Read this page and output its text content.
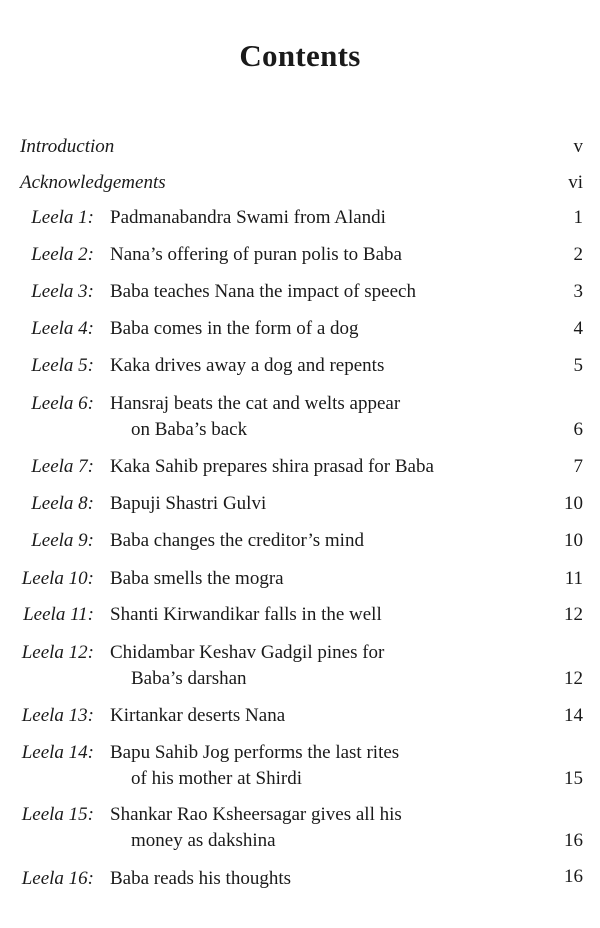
Contents
Introduction	v
Acknowledgements	vi
Leela 1: Padmanabandra Swami from Alandi	1
Leela 2: Nana’s offering of puran polis to Baba	2
Leela 3: Baba teaches Nana the impact of speech	3
Leela 4: Baba comes in the form of a dog	4
Leela 5: Kaka drives away a dog and repents	5
Leela 6: Hansraj beats the cat and welts appear
on Baba’s back	6
Leela 7: Kaka Sahib prepares shira prasad for Baba	7
Leela 8: Bapuji Shastri Gulvi	10
Leela 9: Baba changes the creditor’s mind	10
Leela 10: Baba smells the mogra	11
Leela 11: Shanti Kirwandikar falls in the well	12
Leela 12: Chidambar Keshav Gadgil pines for
Baba’s darshan	12
Leela 13: Kirtankar deserts Nana	14
Leela 14: Bapu Sahib Jog performs the last rites
of his mother at Shirdi	15
Leela 15: Shankar Rao Ksheersagar gives all his
money as dakshina	16
Leela 16: Baba reads his thoughts	16
